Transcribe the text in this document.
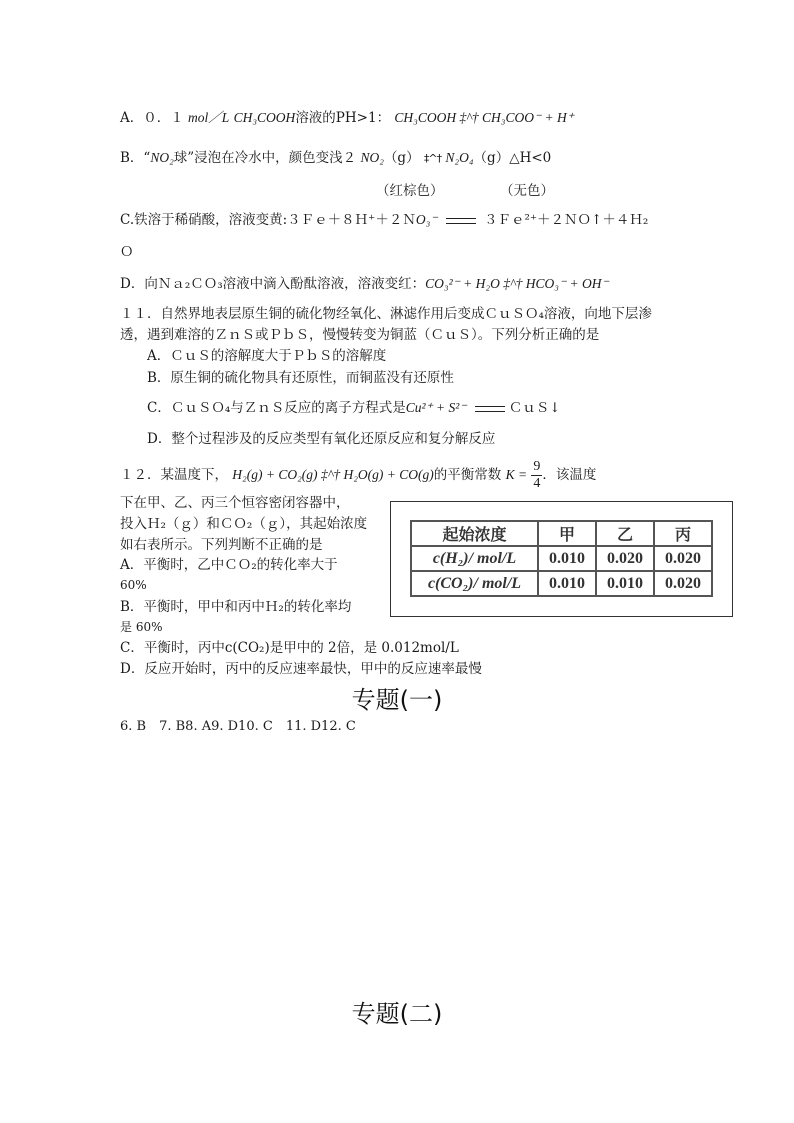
A．０．１ mol／L CH₃COOH溶液的PH>1： CH₃COOH ‡^† CH₃COO⁻ + H⁺
B．“NO₂球”浸泡在冷水中，颜色变浅２ NO₂（g） ‡^† N₂O₄（g）△H<0
（红棕色）	（无色）
C.铁溶于稀硝酸，溶液变黄:３Ｆｅ＋８Ｈ⁺＋２ＮO₃⁻	３Ｆｅ²⁺＋２ＮＯ↑＋４Ｈ₂
Ｏ
D．向Ｎａ₂ＣＯ₃溶液中滴入酚酞溶液，溶液变红：CO₃²⁻ + H₂O ‡^† HCO₃⁻ + OH⁻
１１．自然界地表层原生铜的硫化物经氧化、淋滤作用后变成ＣｕＳＯ₄溶液，向地下层渗
透，遇到难溶的ＺｎＳ或ＰｂＳ，慢慢转变为铜蓝（ＣｕＳ）。下列分析正确的是
A．ＣｕＳ的溶解度大于ＰｂＳ的溶解度
B．原生铜的硫化物具有还原性，而铜蓝没有还原性
C．ＣｕＳＯ₄与ＺｎＳ反应的离子方程式是Cu²⁺ + S²⁻	ＣｕＳ↓
D．整个过程涉及的反应类型有氧化还原反应和复分解反应
１２．某温度下， H₂(g) + CO₂(g) ‡^† H₂O(g) + CO(g)的平衡常数 $K = \frac{9}{4}$ ．该温度
下在甲、乙、丙三个恒容密闭容器中，
投入Ｈ₂（ｇ）和ＣＯ₂（ｇ），其起始浓度
如右表所示。下列判断不正确的是
A．平衡时，乙中ＣＯ₂的转化率大于
60%
B．平衡时，甲中和丙中Ｈ₂的转化率均
是 60%
C．平衡时，丙中c(CO₂)是甲中的 2倍，是 0.012mol/L
D．反应开始时，丙中的反应速率最快，甲中的反应速率最慢
起始浓度	甲	乙	丙
c(H₂)/ mol/L	0.010	0.020	0.020
c(CO₂)/ mol/L	0.010	0.010	0.020
专题(一)
6. B　7. B8. A9. D10. C　11. D12. C
专题(二)
